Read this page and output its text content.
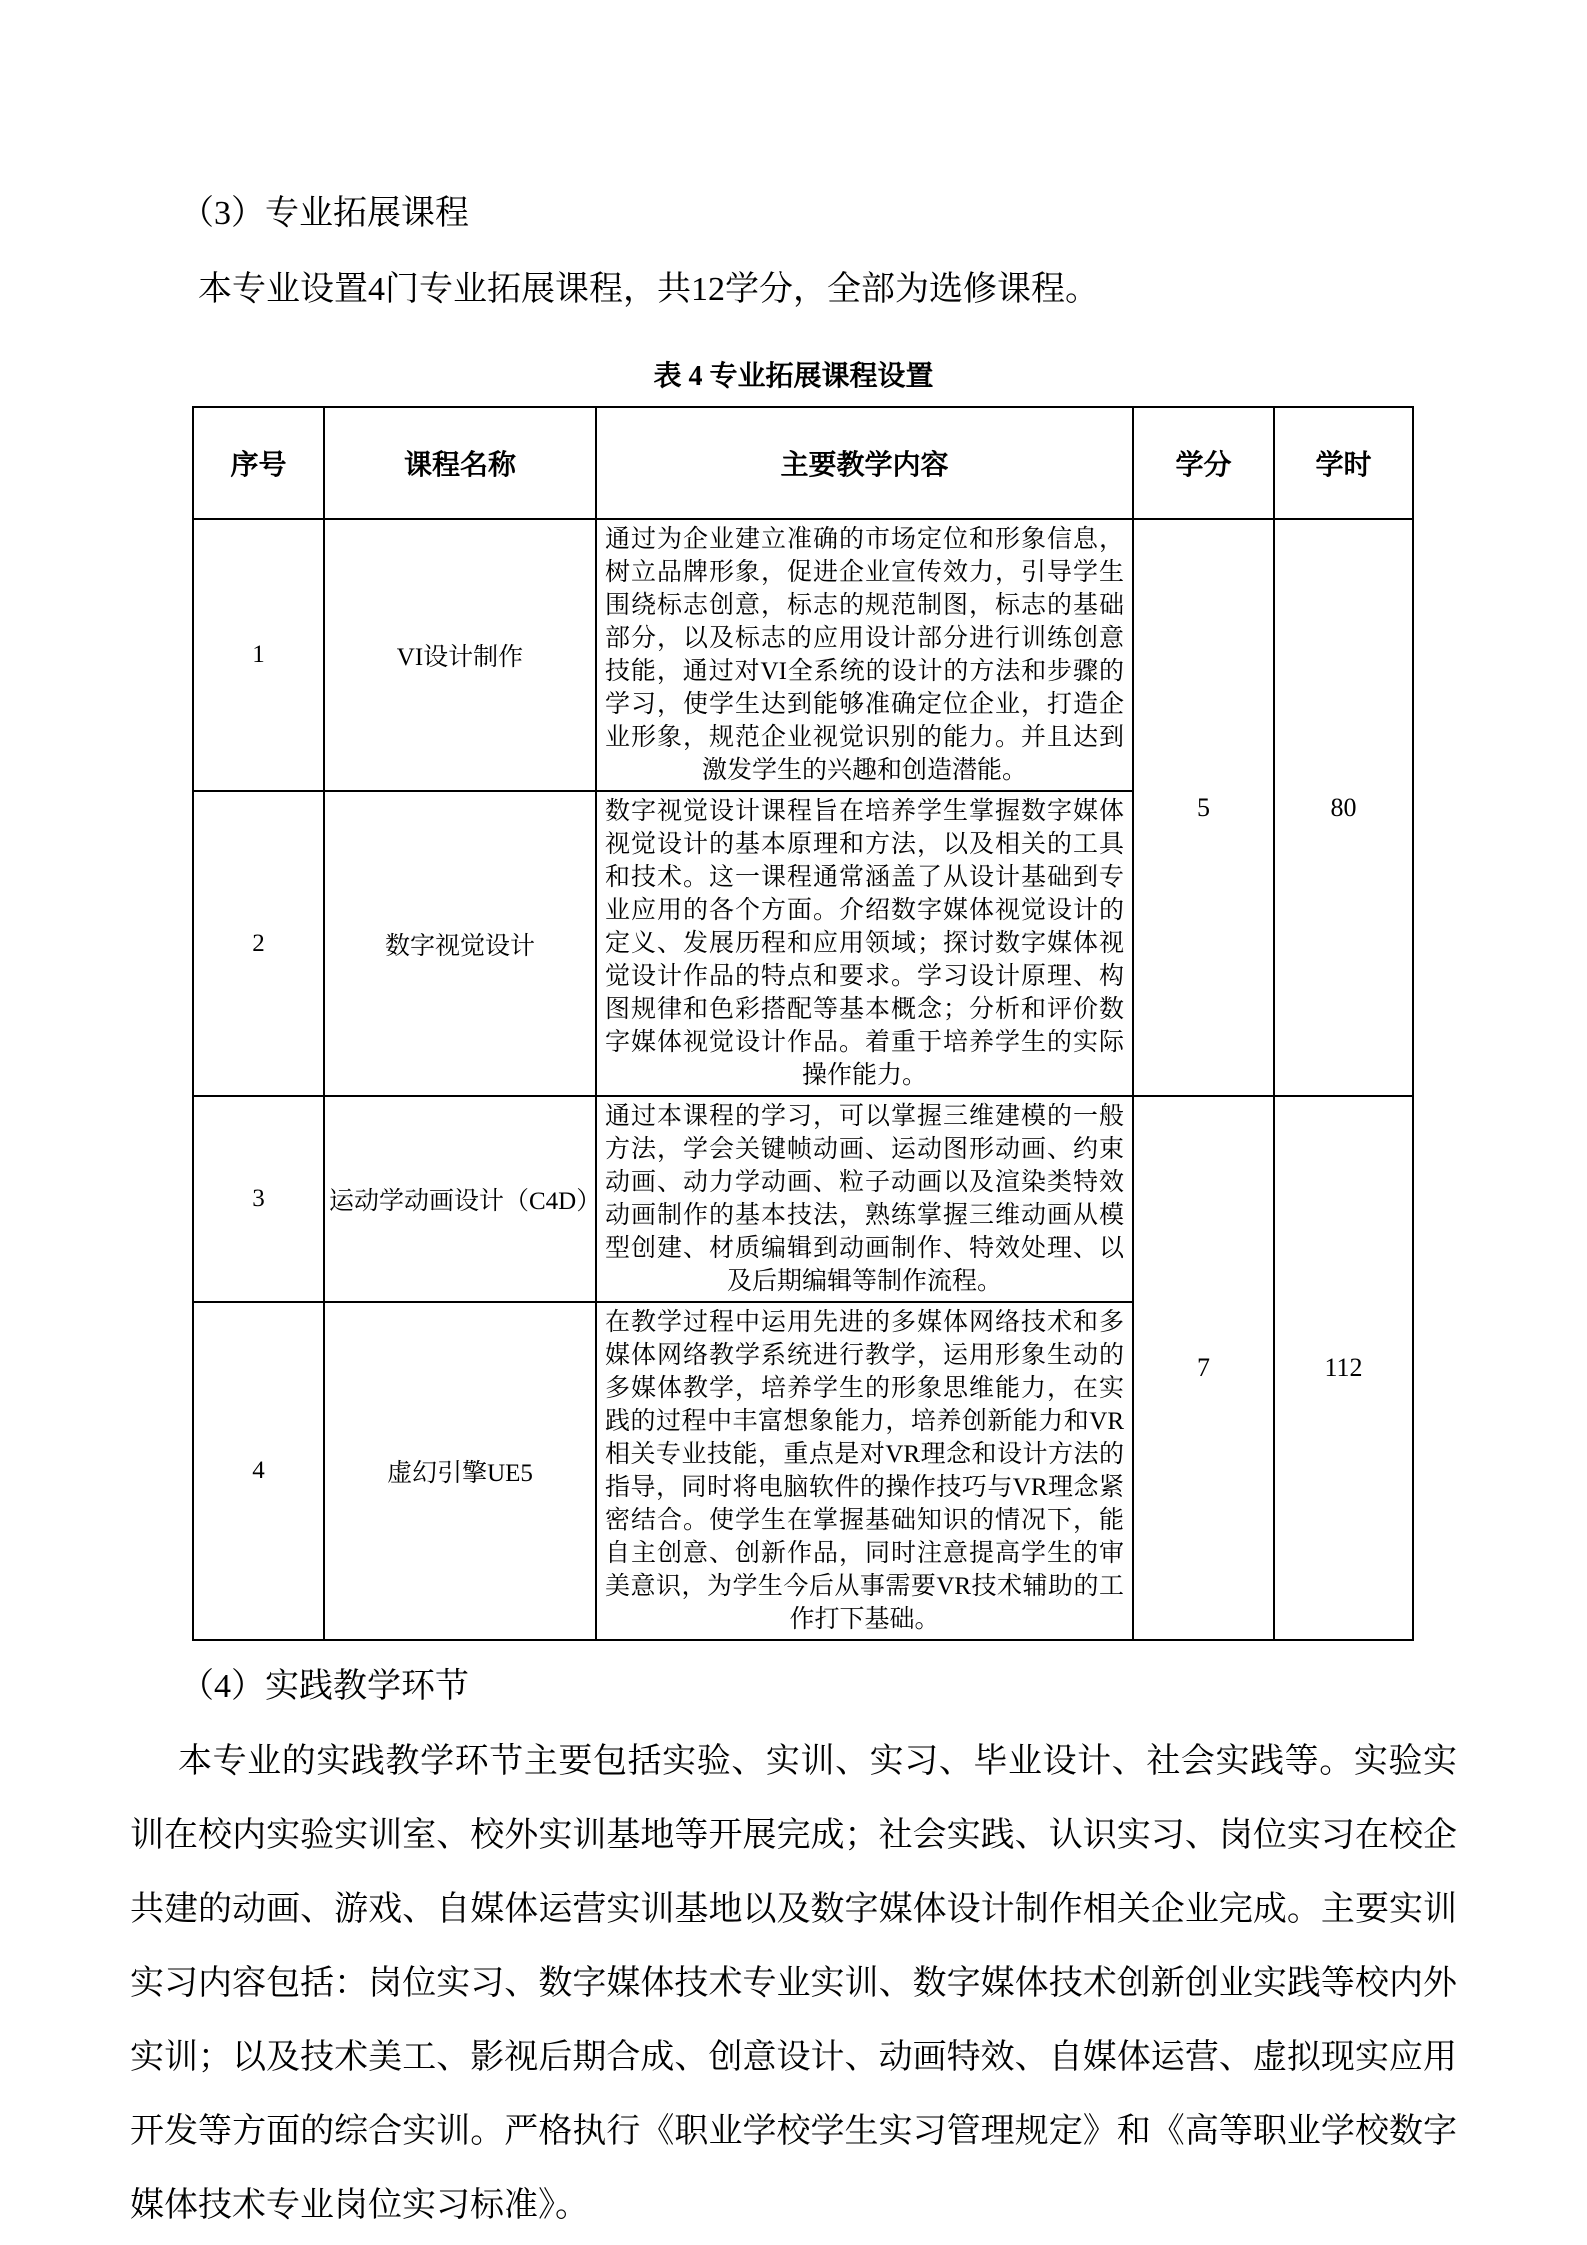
（3）专业拓展课程

本专业设置4门专业拓展课程，共12学分，全部为选修课程。

表 4 专业拓展课程设置

序号	课程名称	主要教学内容	学分	学时
1	VI设计制作	通过为企业建立准确的市场定位和形象信息，树立品牌形象，促进企业宣传效力，引导学生围绕标志创意，标志的规范制图，标志的基础部分，以及标志的应用设计部分进行训练创意技能，通过对VI全系统的设计的方法和步骤的学习，使学生达到能够准确定位企业，打造企业形象，规范企业视觉识别的能力。并且达到激发学生的兴趣和创造潜能。	5	80
2	数字视觉设计	数字视觉设计课程旨在培养学生掌握数字媒体视觉设计的基本原理和方法，以及相关的工具和技术。这一课程通常涵盖了从设计基础到专业应用的各个方面。介绍数字媒体视觉设计的定义、发展历程和应用领域；探讨数字媒体视觉设计作品的特点和要求。学习设计原理、构图规律和色彩搭配等基本概念；分析和评价数字媒体视觉设计作品。着重于培养学生的实际操作能力。		
3	运动学动画设计（C4D）	通过本课程的学习，可以掌握三维建模的一般方法，学会关键帧动画、运动图形动画、约束动画、动力学动画、粒子动画以及渲染类特效动画制作的基本技法，熟练掌握三维动画从模型创建、材质编辑到动画制作、特效处理、以及后期编辑等制作流程。	7	112
4	虚幻引擎UE5	在教学过程中运用先进的多媒体网络技术和多媒体网络教学系统进行教学，运用形象生动的多媒体教学，培养学生的形象思维能力，在实践的过程中丰富想象能力，培养创新能力和VR相关专业技能，重点是对VR理念和设计方法的指导，同时将电脑软件的操作技巧与VR理念紧密结合。使学生在掌握基础知识的情况下，能自主创意、创新作品，同时注意提高学生的审美意识，为学生今后从事需要VR技术辅助的工作打下基础。		

（4）实践教学环节

本专业的实践教学环节主要包括实验、实训、实习、毕业设计、社会实践等。实验实训在校内实验实训室、校外实训基地等开展完成；社会实践、认识实习、岗位实习在校企共建的动画、游戏、自媒体运营实训基地以及数字媒体设计制作相关企业完成。主要实训实习内容包括：岗位实习、数字媒体技术专业实训、数字媒体技术创新创业实践等校内外实训；以及技术美工、影视后期合成、创意设计、动画特效、自媒体运营、虚拟现实应用开发等方面的综合实训。严格执行《职业学校学生实习管理规定》和《高等职业学校数字媒体技术专业岗位实习标准》。
